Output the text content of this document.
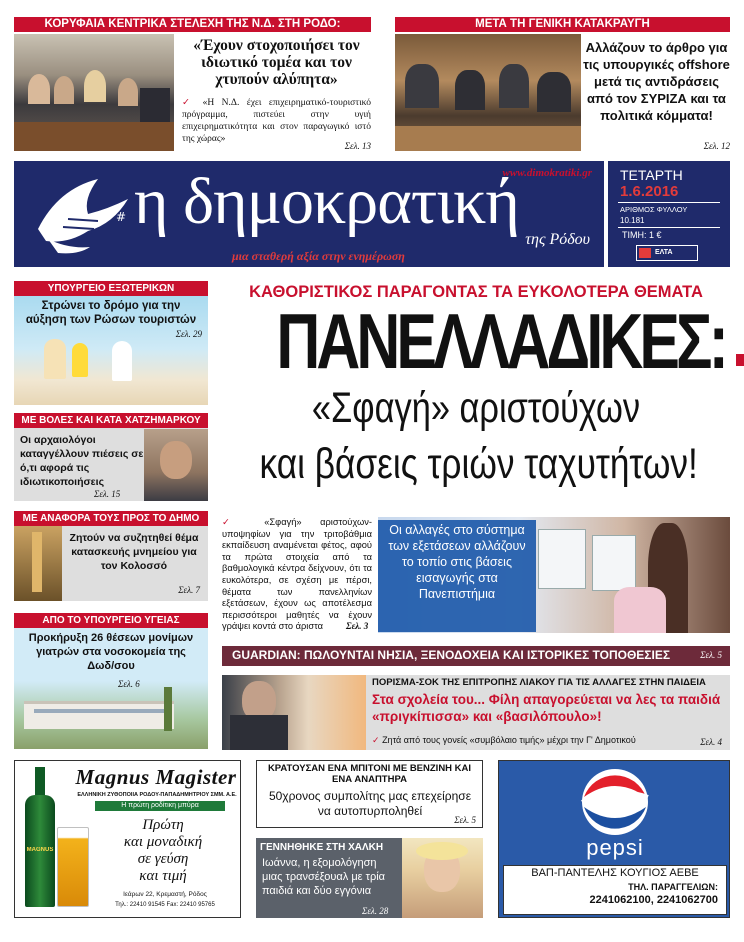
ΚΟΡΥΦΑΙΑ ΚΕΝΤΡΙΚΑ ΣΤΕΛΕΧΗ ΤΗΣ Ν.Δ. ΣΤΗ ΡΟΔΟ:
«Έχουν στοχοποιήσει τον ιδιωτικό τομέα και τον χτυπούν αλύπητα»
✓ «Η Ν.Δ. έχει επιχειρηματικό-τουριστικό πρόγραμμα, πιστεύει στην υγιή επιχειρηματικότητα και στον παραγωγικό ιστό της χώρας»
Σελ. 13
ΜΕΤΑ ΤΗ ΓΕΝΙΚΗ ΚΑΤΑΚΡΑΥΓΗ
Αλλάζουν το άρθρο για τις υπουργικές offshore μετά τις αντιδράσεις από τον ΣΥΡΙΖΑ και τα πολιτικά κόμματα!
Σελ. 12
#
www.dimokratiki.gr
η δημοκρατική
της Ρόδου
μια σταθερή αξία στην ενημέρωση
ΤΕΤΑΡΤΗ
1.6.2016
ΑΡΙΘΜΟΣ ΦΥΛΛΟΥ
10.181
ΤΙΜΗ: 1 €
ΕΛΤΑ
ΥΠΟΥΡΓΕΙΟ ΕΞΩΤΕΡΙΚΩΝ
Στρώνει το δρόμο για την αύξηση των Ρώσων τουριστών
Σελ. 29
ΜΕ ΒΟΛΕΣ ΚΑΙ ΚΑΤΑ ΧΑΤΖΗΜΑΡΚΟΥ
Οι αρχαιολόγοι καταγγέλλουν πιέσεις σε ό,τι αφορά τις ιδιωτικοποιήσεις
Σελ. 15
ΜΕ ΑΝΑΦΟΡΑ ΤΟΥΣ ΠΡΟΣ ΤΟ ΔΗΜΟ
Ζητούν να συζητηθεί θέμα κατασκευής μνημείου για τον Κολοσσό
Σελ. 7
ΑΠΟ ΤΟ ΥΠΟΥΡΓΕΙΟ ΥΓΕΙΑΣ
Προκήρυξη 26 θέσεων μονίμων γιατρών στα νοσοκομεία της Δωδ/σου
Σελ. 6
ΚΑΘΟΡΙΣΤΙΚΟΣ ΠΑΡΑΓΟΝΤΑΣ ΤΑ ΕΥΚΟΛΟΤΕΡΑ ΘΕΜΑΤΑ
ΠΑΝΕΛΛΑΔΙΚΕΣ:
«Σφαγή» αριστούχων
και βάσεις τριών ταχυτήτων!
✓ «Σφαγή» αριστούχων-υποψηφίων για την τριτοβάθμια εκπαίδευση αναμένεται φέτος, αφού τα πρώτα στοιχεία από τα βαθμολογικά κέντρα δείχνουν, ότι τα ευκολότερα, σε σχέση με πέρσι, θέματα των πανελληνίων εξετάσεων, έχουν ως αποτέλεσμα περισσότεροι μαθητές να έχουν γράψει κοντά στο άριστα	Σελ. 3
Οι αλλαγές στο σύστημα των εξετάσεων αλλάζουν το τοπίο στις βάσεις εισαγωγής στα Πανεπιστήμια
GUARDIAN: ΠΩΛΟΥΝΤΑΙ ΝΗΣΙΑ, ΞΕΝΟΔΟΧΕΙΑ ΚΑΙ ΙΣΤΟΡΙΚΕΣ ΤΟΠΟΘΕΣΙΕΣ	Σελ. 5
ΠΟΡΙΣΜΑ-ΣΟΚ ΤΗΣ ΕΠΙΤΡΟΠΗΣ ΛΙΑΚΟΥ ΓΙΑ ΤΙΣ ΑΛΛΑΓΕΣ ΣΤΗΝ ΠΑΙΔΕΙΑ
Στα σχολεία του... Φίλη απαγορεύεται να λες τα παιδιά «πριγκίπισσα» και «βασιλόπουλο»!
✓ Ζητά από τους γονείς «συμβόλαιο τιμής» μέχρι την Γ' Δημοτικού	Σελ. 4
MAGNUS
Magnus Magister
ΕΛΛΗΝΙΚΗ ΖΥΘΟΠΟΙΙΑ ΡΟΔΟΥ-ΠΑΠΑΔΗΜΗΤΡΙΟΥ ΣΜΜ. Α.Ε.
Η πρώτη ροδίτικη μπύρα
Πρώτη
και μοναδική
σε γεύση
και τιμή
Ιεάρων 22, Κρεμαστή, Ρόδος
Τηλ.: 22410 91545 Fax: 22410 95765
ΚΡΑΤΟΥΣΑΝ ΕΝΑ ΜΠΙΤΟΝΙ ΜΕ ΒΕΝΖΙΝΗ ΚΑΙ ΕΝΑ ΑΝΑΠΤΗΡΑ
50χρονος συμπολίτης μας επεχείρησε να αυτοπυρποληθεί
Σελ. 5
ΓΕΝΝΗΘΗΚΕ ΣΤΗ ΧΑΛΚΗ
Ιωάννα, η εξομολόγηση μιας τρανσέξουαλ με τρία παιδιά και δύο εγγόνια
Σελ. 28
pepsi
ΒΑΠ-ΠΑΝΤΕΛΗΣ ΚΟΥΓΙΟΣ ΑΕΒΕ
ΤΗΛ. ΠΑΡΑΓΓΕΛΙΩΝ:
2241062100, 2241062700
